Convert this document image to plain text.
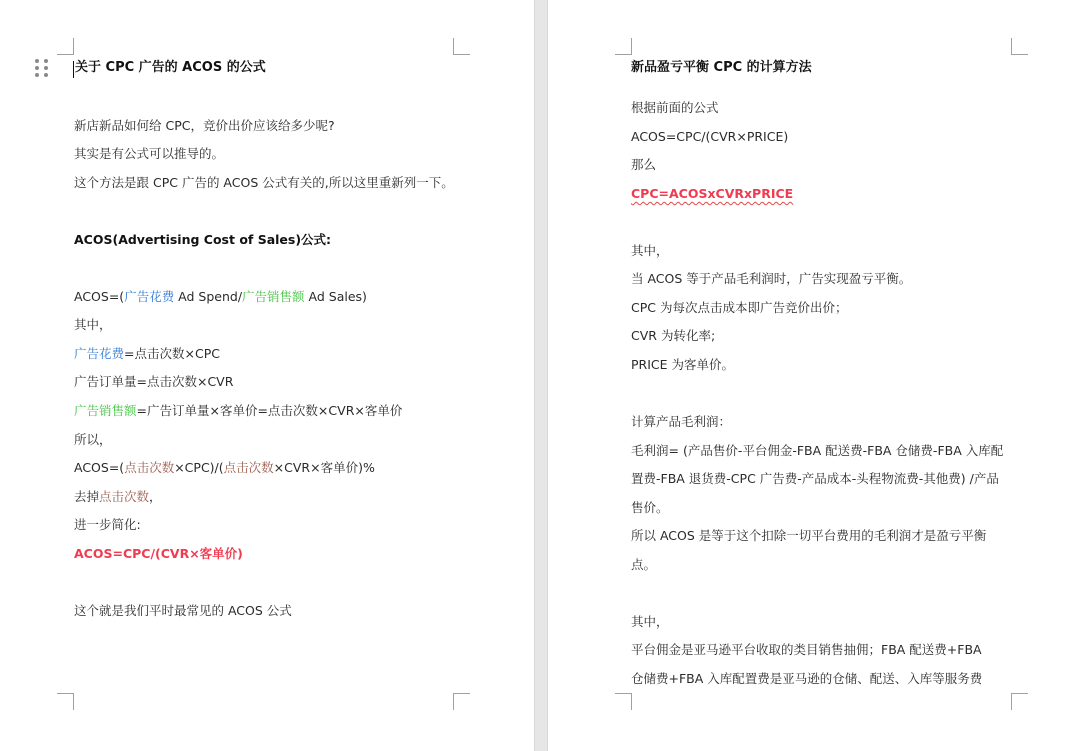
关于 CPC 广告的 ACOS 的公式
新店新品如何给 CPC，竞价出价应该给多少呢?
其实是有公式可以推导的。
这个方法是跟 CPC 广告的 ACOS 公式有关的,所以这里重新列一下。
ACOS(Advertising Cost of Sales)公式:
ACOS=(广告花费 Ad Spend/广告销售额 Ad Sales)
其中，
广告花费=点击次数×CPC
广告订单量=点击次数×CVR
广告销售额=广告订单量×客单价=点击次数×CVR×客单价
所以，
ACOS=(点击次数×CPC)/(点击次数×CVR×客单价)%
去掉点击次数，
进一步简化:
ACOS=CPC/(CVR×客单价)
这个就是我们平时最常见的 ACOS 公式
新品盈亏平衡 CPC 的计算方法
根据前面的公式
ACOS=CPC/(CVR×PRICE)
那么
CPC=ACOSxCVRxPRICE
其中，
当 ACOS 等于产品毛利润时，广告实现盈亏平衡。
CPC 为每次点击成本即广告竞价出价；
CVR 为转化率;
PRICE 为客单价。
计算产品毛利润：
毛利润= (产品售价-平台佣金-FBA 配送费-FBA 仓储费-FBA 入库配
置费-FBA 退货费-CPC 广告费-产品成本-头程物流费-其他费) /产品
售价。
所以 ACOS 是等于这个扣除一切平台费用的毛利润才是盈亏平衡
点。
其中，
平台佣金是亚马逊平台收取的类目销售抽佣；FBA 配送费+FBA
仓储费+FBA 入库配置费是亚马逊的仓储、配送、入库等服务费
